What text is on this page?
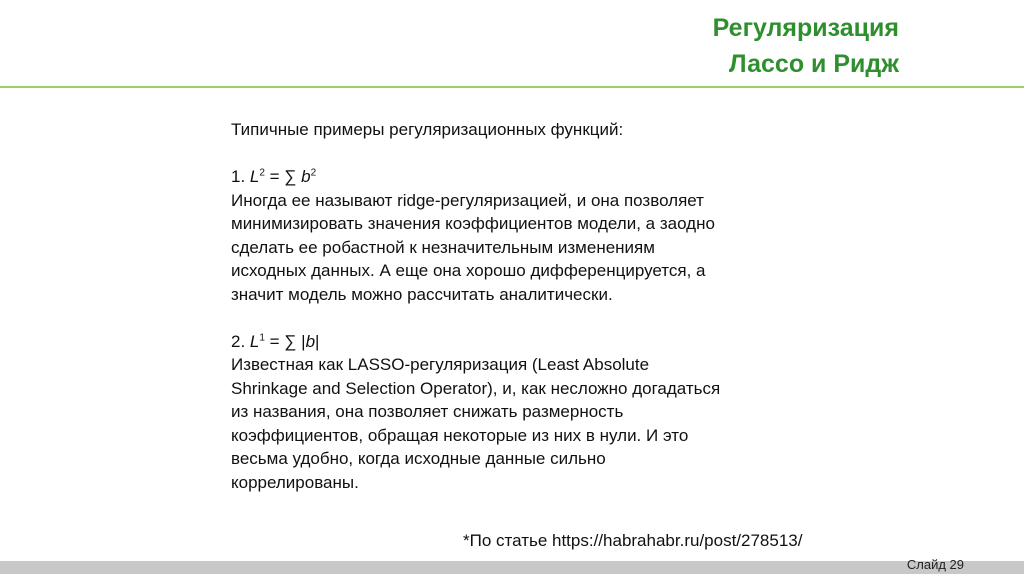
Регуляризация
Лассо и Ридж
Типичные примеры регуляризационных функций:
1. $L^2$ = ∑ $b^2$
Иногда ее называют ridge-регуляризацией, и она позволяет
минимизировать значения коэффициентов модели, а заодно
сделать ее робастной к незначительным изменениям
исходных данных. А еще она хорошо дифференцируется, а
значит модель можно рассчитать аналитически.
2. $L^1$ = ∑ |b|
Известная как LASSO-регуляризация (Least Absolute
Shrinkage and Selection Operator), и, как несложно догадаться
из названия, она позволяет снижать размерность
коэффициентов, обращая некоторые из них в нули. И это
весьма удобно, когда исходные данные сильно
коррелированы.
*По статье https://habrahabr.ru/post/278513/
Слайд 29
